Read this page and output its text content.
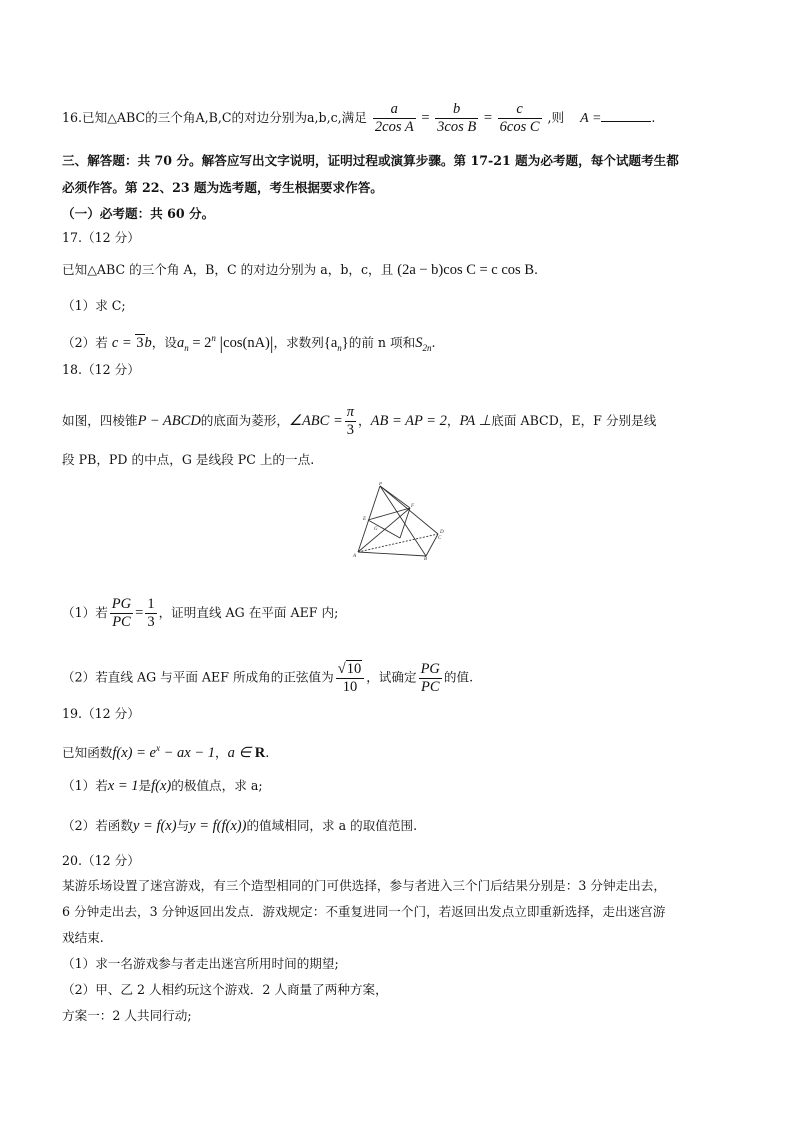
16.已知△ABC的三个角A,B,C的对边分别为a,b,c,满足 $\frac{a}{\text{2cos A}} = \frac{b}{\text{3cos B}} = \frac{c}{\text{6cos C}}$ ,则 A =	.
三、解答题：共 70 分。解答应写出文字说明，证明过程或演算步骤。第 17-21 题为必考题，每个试题考生都
必须作答。第 22、23 题为选考题，考生根据要求作答。
（一）必考题：共 60 分。
17.（12 分）
已知△ABC 的三个角 A，B，C 的对边分别为 a，b，c，且 (2a − b)cos C = c cos B.
（1）求 C;
（2）若 c = 3b，设$a_n = 2^n$ |cos(nA)|，求数列$\{a_n\}$的前 n 项和$S_{2n}$.
18.（12 分）
如图，四棱锥P − ABCD的底面为菱形，∠ABC = $\frac{\pi}{3}$ ，AB = AP = 2，PA ⊥底面 ABCD，E，F 分别是线
段 PB，PD 的中点，G 是线段 PC 上的一点.
P
E
F
A
B
C
D
G
（1）若 $\frac{PG}{PC} = \frac{1}{3}$ ，证明直线 AG 在平面 AEF 内;
（2）若直线 AG 与平面 AEF 所成角的正弦值为 $\frac{√10}{10}$ ，试确定 $\frac{PG}{PC}$ 的值.
19.（12 分）
已知函数$f(x) = e^x$ − ax − 1，a ∈ R.
（1）若x = 1是f(x)的极值点，求 a;
（2）若函数y = f(x)与y = f(f(x))的值域相同，求 a 的取值范围.
20.（12 分）
某游乐场设置了迷宫游戏，有三个造型相同的门可供选择，参与者进入三个门后结果分别是：3 分钟走出去，
6 分钟走出去，3 分钟返回出发点．游戏规定：不重复进同一个门，若返回出发点立即重新选择，走出迷宫游
戏结束.
（1）求一名游戏参与者走出迷宫所用时间的期望;
（2）甲、乙 2 人相约玩这个游戏．2 人商量了两种方案，
方案一：2 人共同行动;
